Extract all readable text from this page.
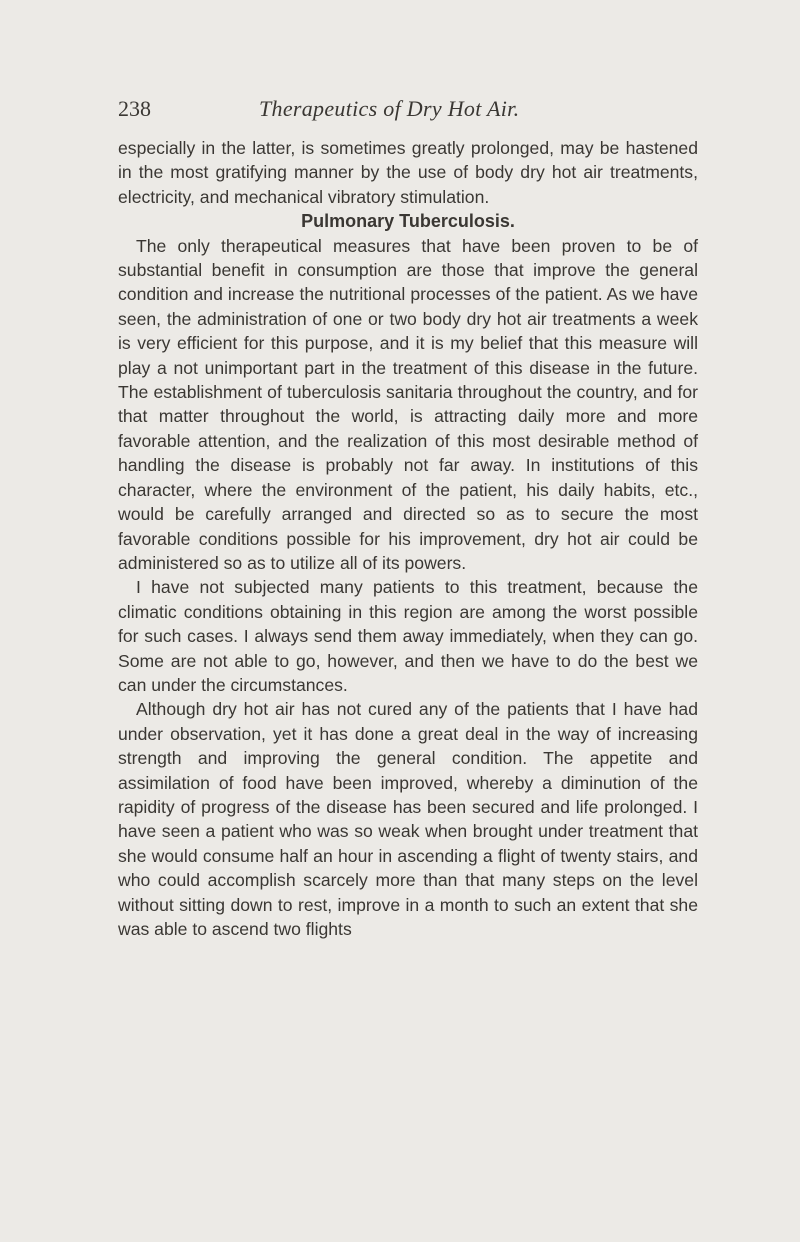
238	Therapeutics of Dry Hot Air.

especially in the latter, is sometimes greatly prolonged, may be hastened in the most gratifying manner by the use of body dry hot air treatments, electricity, and mechanical vibratory stimulation.

Pulmonary Tuberculosis.

The only therapeutical measures that have been proven to be of substantial benefit in consumption are those that improve the general condition and increase the nutritional processes of the patient. As we have seen, the administration of one or two body dry hot air treatments a week is very efficient for this purpose, and it is my belief that this measure will play a not unimportant part in the treatment of this disease in the future. The establishment of tuberculosis sanitaria throughout the country, and for that matter throughout the world, is attracting daily more and more favorable attention, and the realization of this most desirable method of handling the disease is probably not far away. In institutions of this character, where the environment of the patient, his daily habits, etc., would be carefully arranged and directed so as to secure the most favorable conditions possible for his improvement, dry hot air could be administered so as to utilize all of its powers.

I have not subjected many patients to this treatment, because the climatic conditions obtaining in this region are among the worst possible for such cases. I always send them away immediately, when they can go. Some are not able to go, however, and then we have to do the best we can under the circumstances.

Although dry hot air has not cured any of the patients that I have had under observation, yet it has done a great deal in the way of increasing strength and improving the general condition. The appetite and assimilation of food have been improved, whereby a diminution of the rapidity of progress of the disease has been secured and life prolonged. I have seen a patient who was so weak when brought under treatment that she would consume half an hour in ascending a flight of twenty stairs, and who could accomplish scarcely more than that many steps on the level without sitting down to rest, improve in a month to such an extent that she was able to ascend two flights
